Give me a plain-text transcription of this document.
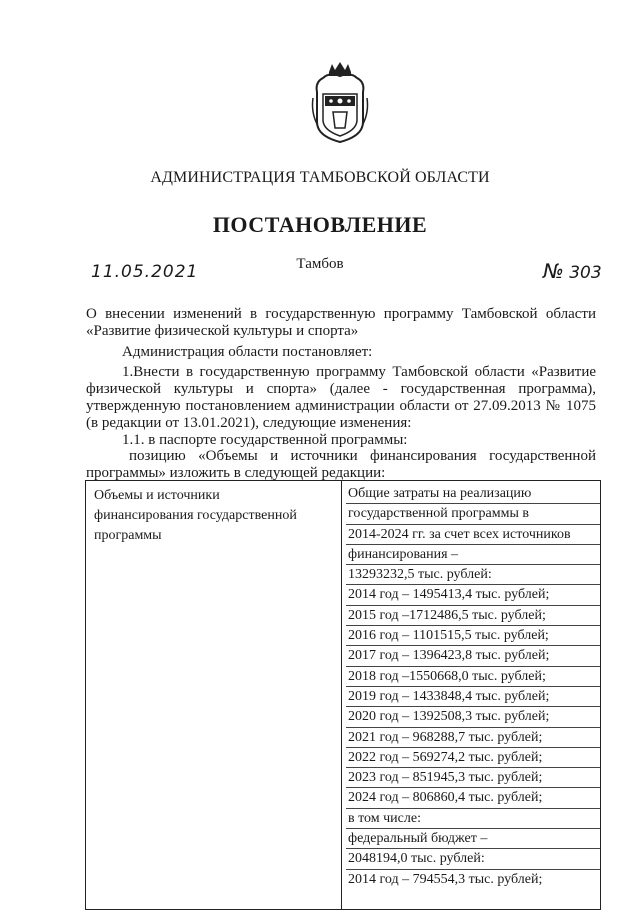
АДМИНИСТРАЦИЯ ТАМБОВСКОЙ ОБЛАСТИ
ПОСТАНОВЛЕНИЕ
11.05.2021	Тамбов	№ 303
О внесении изменений в государственную программу Тамбовской области
«Развитие физической культуры и спорта»
Администрация области постановляет:
1.Внести в государственную программу Тамбовской области «Развитие
физической культуры и спорта» (далее - государственная программа),
утвержденную постановлением администрации области от 27.09.2013 № 1075
(в редакции от 13.01.2021), следующие изменения:
1.1. в паспорте государственной программы:
позицию «Объемы и источники финансирования государственной
программы» изложить в следующей редакции:
Объемы и источники
финансирования государственной
программы
Общие затраты на реализацию
государственной программы в
2014-2024 гг. за счет всех источников
финансирования –
13293232,5 тыс. рублей:
2014 год – 1495413,4 тыс. рублей;
2015 год –1712486,5 тыс. рублей;
2016 год – 1101515,5 тыс. рублей;
2017 год – 1396423,8 тыс. рублей;
2018 год –1550668,0 тыс. рублей;
2019 год – 1433848,4 тыс. рублей;
2020 год – 1392508,3 тыс. рублей;
2021 год – 968288,7 тыс. рублей;
2022 год – 569274,2 тыс. рублей;
2023 год – 851945,3 тыс. рублей;
2024 год – 806860,4 тыс. рублей;
в том числе:
федеральный бюджет –
2048194,0 тыс. рублей:
2014 год – 794554,3 тыс. рублей;
